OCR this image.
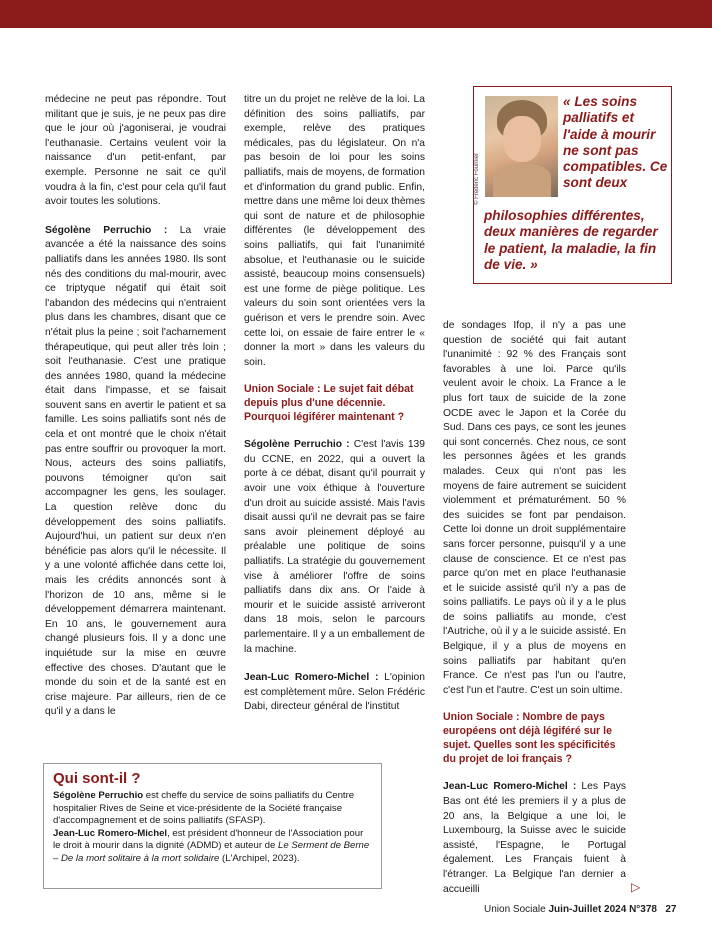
médecine ne peut pas répondre. Tout militant que je suis, je ne peux pas dire que le jour où j'agoniserai, je voudrai l'euthanasie. Certains veulent voir la naissance d'un petit-enfant, par exemple. Personne ne sait ce qu'il voudra à la fin, c'est pour cela qu'il faut avoir toutes les solutions.

Ségolène Perruchio : La vraie avancée a été la naissance des soins palliatifs dans les années 1980. Ils sont nés des conditions du mal-mourir, avec ce triptyque négatif qui était soit l'abandon des médecins qui n'entraient plus dans les chambres, disant que ce n'était plus la peine ; soit l'acharnement thérapeutique, qui peut aller très loin ; soit l'euthanasie. C'est une pratique des années 1980, quand la médecine était dans l'impasse, et se faisait souvent sans en avertir le patient et sa famille. Les soins palliatifs sont nés de cela et ont montré que le choix n'était pas entre souffrir ou provoquer la mort. Nous, acteurs des soins palliatifs, pouvons témoigner qu'on sait accompagner les gens, les soulager. La question relève donc du développement des soins palliatifs. Aujourd'hui, un patient sur deux n'en bénéficie pas alors qu'il le nécessite. Il y a une volonté affichée dans cette loi, mais les crédits annoncés sont à l'horizon de 10 ans, même si le développement démarrera maintenant. En 10 ans, le gouvernement aura changé plusieurs fois. Il y a donc une inquiétude sur la mise en œuvre effective des choses. D'autant que le monde du soin et de la santé est en crise majeure. Par ailleurs, rien de ce qu'il y a dans le

titre un du projet ne relève de la loi. La définition des soins palliatifs, par exemple, relève des pratiques médicales, pas du législateur. On n'a pas besoin de loi pour les soins palliatifs, mais de moyens, de formation et d'information du grand public. Enfin, mettre dans une même loi deux thèmes qui sont de nature et de philosophie différentes (le développement des soins palliatifs, qui fait l'unanimité absolue, et l'euthanasie ou le suicide assisté, beaucoup moins consensuels) est une forme de piège politique. Les valeurs du soin sont orientées vers la guérison et vers le prendre soin. Avec cette loi, on essaie de faire entrer le « donner la mort » dans les valeurs du soin.

Union Sociale : Le sujet fait débat depuis plus d'une décennie. Pourquoi légiférer maintenant ?

Ségolène Perruchio : C'est l'avis 139 du CCNE, en 2022, qui a ouvert la porte à ce débat, disant qu'il pourrait y avoir une voix éthique à l'ouverture d'un droit au suicide assisté. Mais l'avis disait aussi qu'il ne devrait pas se faire sans avoir pleinement déployé au préalable une politique de soins palliatifs. La stratégie du gouvernement vise à améliorer l'offre de soins palliatifs dans dix ans. Or l'aide à mourir et le suicide assisté arriveront dans 18 mois, selon le parcours parlementaire. Il y a un emballement de la machine.

Jean-Luc Romero-Michel : L'opinion est complètement mûre. Selon Frédéric Dabi, directeur général de l'institut

de sondages Ifop, il n'y a pas une question de société qui fait autant l'unanimité : 92 % des Français sont favorables à une loi. Parce qu'ils veulent avoir le choix. La France a le plus fort taux de suicide de la zone OCDE avec le Japon et la Corée du Sud. Dans ces pays, ce sont les jeunes qui sont concernés. Chez nous, ce sont les personnes âgées et les grands malades. Ceux qui n'ont pas les moyens de faire autrement se suicident violemment et prématurément. 50 % des suicides se font par pendaison. Cette loi donne un droit supplémentaire sans forcer personne, puisqu'il y a une clause de conscience. Et ce n'est pas parce qu'on met en place l'euthanasie et le suicide assisté qu'il n'y a pas de soins palliatifs. Le pays où il y a le plus de soins palliatifs au monde, c'est l'Autriche, où il y a le suicide assisté. En Belgique, il y a plus de moyens en soins palliatifs par habitant qu'en France. Ce n'est pas l'un ou l'autre, c'est l'un et l'autre. C'est un soin ultime.

Union Sociale : Nombre de pays européens ont déjà légiféré sur le sujet. Quelles sont les spécificités du projet de loi français ?

Jean-Luc Romero-Michel : Les Pays Bas ont été les premiers il y a plus de 20 ans, la Belgique a une loi, le Luxembourg, la Suisse avec le suicide assisté, l'Espagne, le Portugal également. Les Français fuient à l'étranger. La Belgique l'an dernier a accueilli

© Frédéric Fournier
« Les soins palliatifs et l'aide à mourir ne sont pas compatibles. Ce sont deux
philosophies différentes, deux manières de regarder le patient, la maladie, la fin de vie. »
Qui sont-il ?

Ségolène Perruchio est cheffe du service de soins palliatifs du Centre hospitalier Rives de Seine et vice-présidente de la Société française d'accompagnement et de soins palliatifs (SFASP).

Jean-Luc Romero-Michel, est président d'honneur de l'Association pour le droit à mourir dans la dignité (ADMD) et auteur de Le Serment de Berne – De la mort solitaire à la mort solidaire (L'Archipel, 2023).

▷
Union Sociale Juin-Juillet 2024 N°378 27
